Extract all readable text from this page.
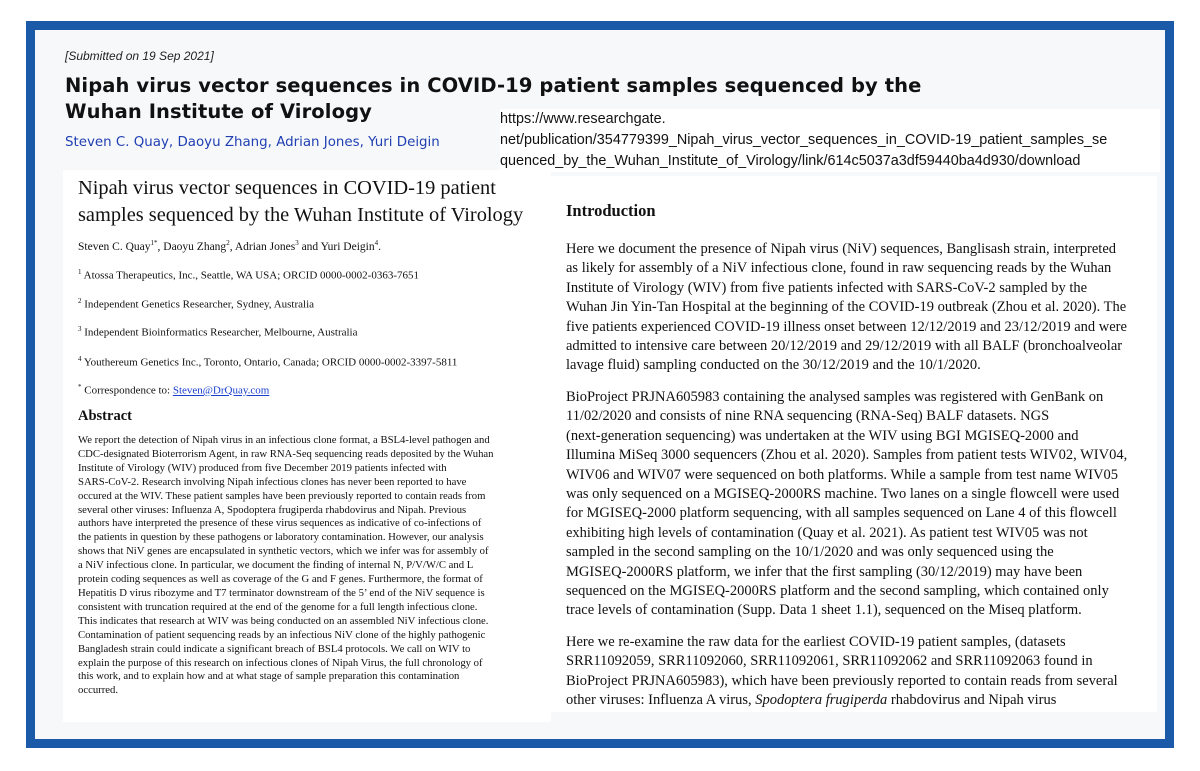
[Submitted on 19 Sep 2021]
Nipah virus vector sequences in COVID-19 patient samples sequenced by the Wuhan Institute of Virology
Steven C. Quay, Daoyu Zhang, Adrian Jones, Yuri Deigin
https://www.researchgate.
net/publication/354779399_Nipah_virus_vector_sequences_in_COVID-19_patient_samples_se
quenced_by_the_Wuhan_Institute_of_Virology/link/614c5037a3df59440ba4d930/download
Nipah virus vector sequences in COVID-19 patient samples sequenced by the Wuhan Institute of Virology
Steven C. Quay$^{1*}$, Daoyu Zhang$^2$, Adrian Jones$^3$ and Yuri Deigin$^4$.
$^1$ Atossa Therapeutics, Inc., Seattle, WA USA; ORCID 0000-0002-0363-7651
$^2$ Independent Genetics Researcher, Sydney, Australia
$^3$ Independent Bioinformatics Researcher, Melbourne, Australia
$^4$ Youthereum Genetics Inc., Toronto, Ontario, Canada; ORCID 0000-0002-3397-5811
* Correspondence to: Steven@DrQuay.com
Abstract
We report the detection of Nipah virus in an infectious clone format, a BSL4-level pathogen and
CDC-designated Bioterrorism Agent, in raw RNA-Seq sequencing reads deposited by the Wuhan
Institute of Virology (WIV) produced from five December 2019 patients infected with
SARS-CoV-2. Research involving Nipah infectious clones has never been reported to have
occured at the WIV. These patient samples have been previously reported to contain reads from
several other viruses: Influenza A, Spodoptera frugiperda rhabdovirus and Nipah. Previous
authors have interpreted the presence of these virus sequences as indicative of co-infections of
the patients in question by these pathogens or laboratory contamination. However, our analysis
shows that NiV genes are encapsulated in synthetic vectors, which we infer was for assembly of
a NiV infectious clone. In particular, we document the finding of internal N, P/V/W/C and L
protein coding sequences as well as coverage of the G and F genes. Furthermore, the format of
Hepatitis D virus ribozyme and T7 terminator downstream of the 5’ end of the NiV sequence is
consistent with truncation required at the end of the genome for a full length infectious clone.
This indicates that research at WIV was being conducted on an assembled NiV infectious clone.
Contamination of patient sequencing reads by an infectious NiV clone of the highly pathogenic
Bangladesh strain could indicate a significant breach of BSL4 protocols. We call on WIV to
explain the purpose of this research on infectious clones of Nipah Virus, the full chronology of
this work, and to explain how and at what stage of sample preparation this contamination
occurred.
Introduction
Here we document the presence of Nipah virus (NiV) sequences, Banglisash strain, interpreted
as likely for assembly of a NiV infectious clone, found in raw sequencing reads by the Wuhan
Institute of Virology (WIV) from five patients infected with SARS-CoV-2 sampled by the
Wuhan Jin Yin-Tan Hospital at the beginning of the COVID-19 outbreak (Zhou et al. 2020). The
five patients experienced COVID-19 illness onset between 12/12/2019 and 23/12/2019 and were
admitted to intensive care between 20/12/2019 and 29/12/2019 with all BALF (bronchoalveolar
lavage fluid) sampling conducted on the 30/12/2019 and the 10/1/2020.
BioProject PRJNA605983 containing the analysed samples was registered with GenBank on
11/02/2020 and consists of nine RNA sequencing (RNA-Seq) BALF datasets. NGS
(next-generation sequencing) was undertaken at the WIV using BGI MGISEQ-2000 and
Illumina MiSeq 3000 sequencers (Zhou et al. 2020). Samples from patient tests WIV02, WIV04,
WIV06 and WIV07 were sequenced on both platforms. While a sample from test name WIV05
was only sequenced on a MGISEQ-2000RS machine. Two lanes on a single flowcell were used
for MGISEQ-2000 platform sequencing, with all samples sequenced on Lane 4 of this flowcell
exhibiting high levels of contamination (Quay et al. 2021). As patient test WIV05 was not
sampled in the second sampling on the 10/1/2020 and was only sequenced using the
MGISEQ-2000RS platform, we infer that the first sampling (30/12/2019) may have been
sequenced on the MGISEQ-2000RS platform and the second sampling, which contained only
trace levels of contamination (Supp. Data 1 sheet 1.1), sequenced on the Miseq platform.
Here we re-examine the raw data for the earliest COVID-19 patient samples, (datasets
SRR11092059, SRR11092060, SRR11092061, SRR11092062 and SRR11092063 found in
BioProject PRJNA605983), which have been previously reported to contain reads from several
other viruses: Influenza A virus, Spodoptera frugiperda rhabdovirus and Nipah virus
